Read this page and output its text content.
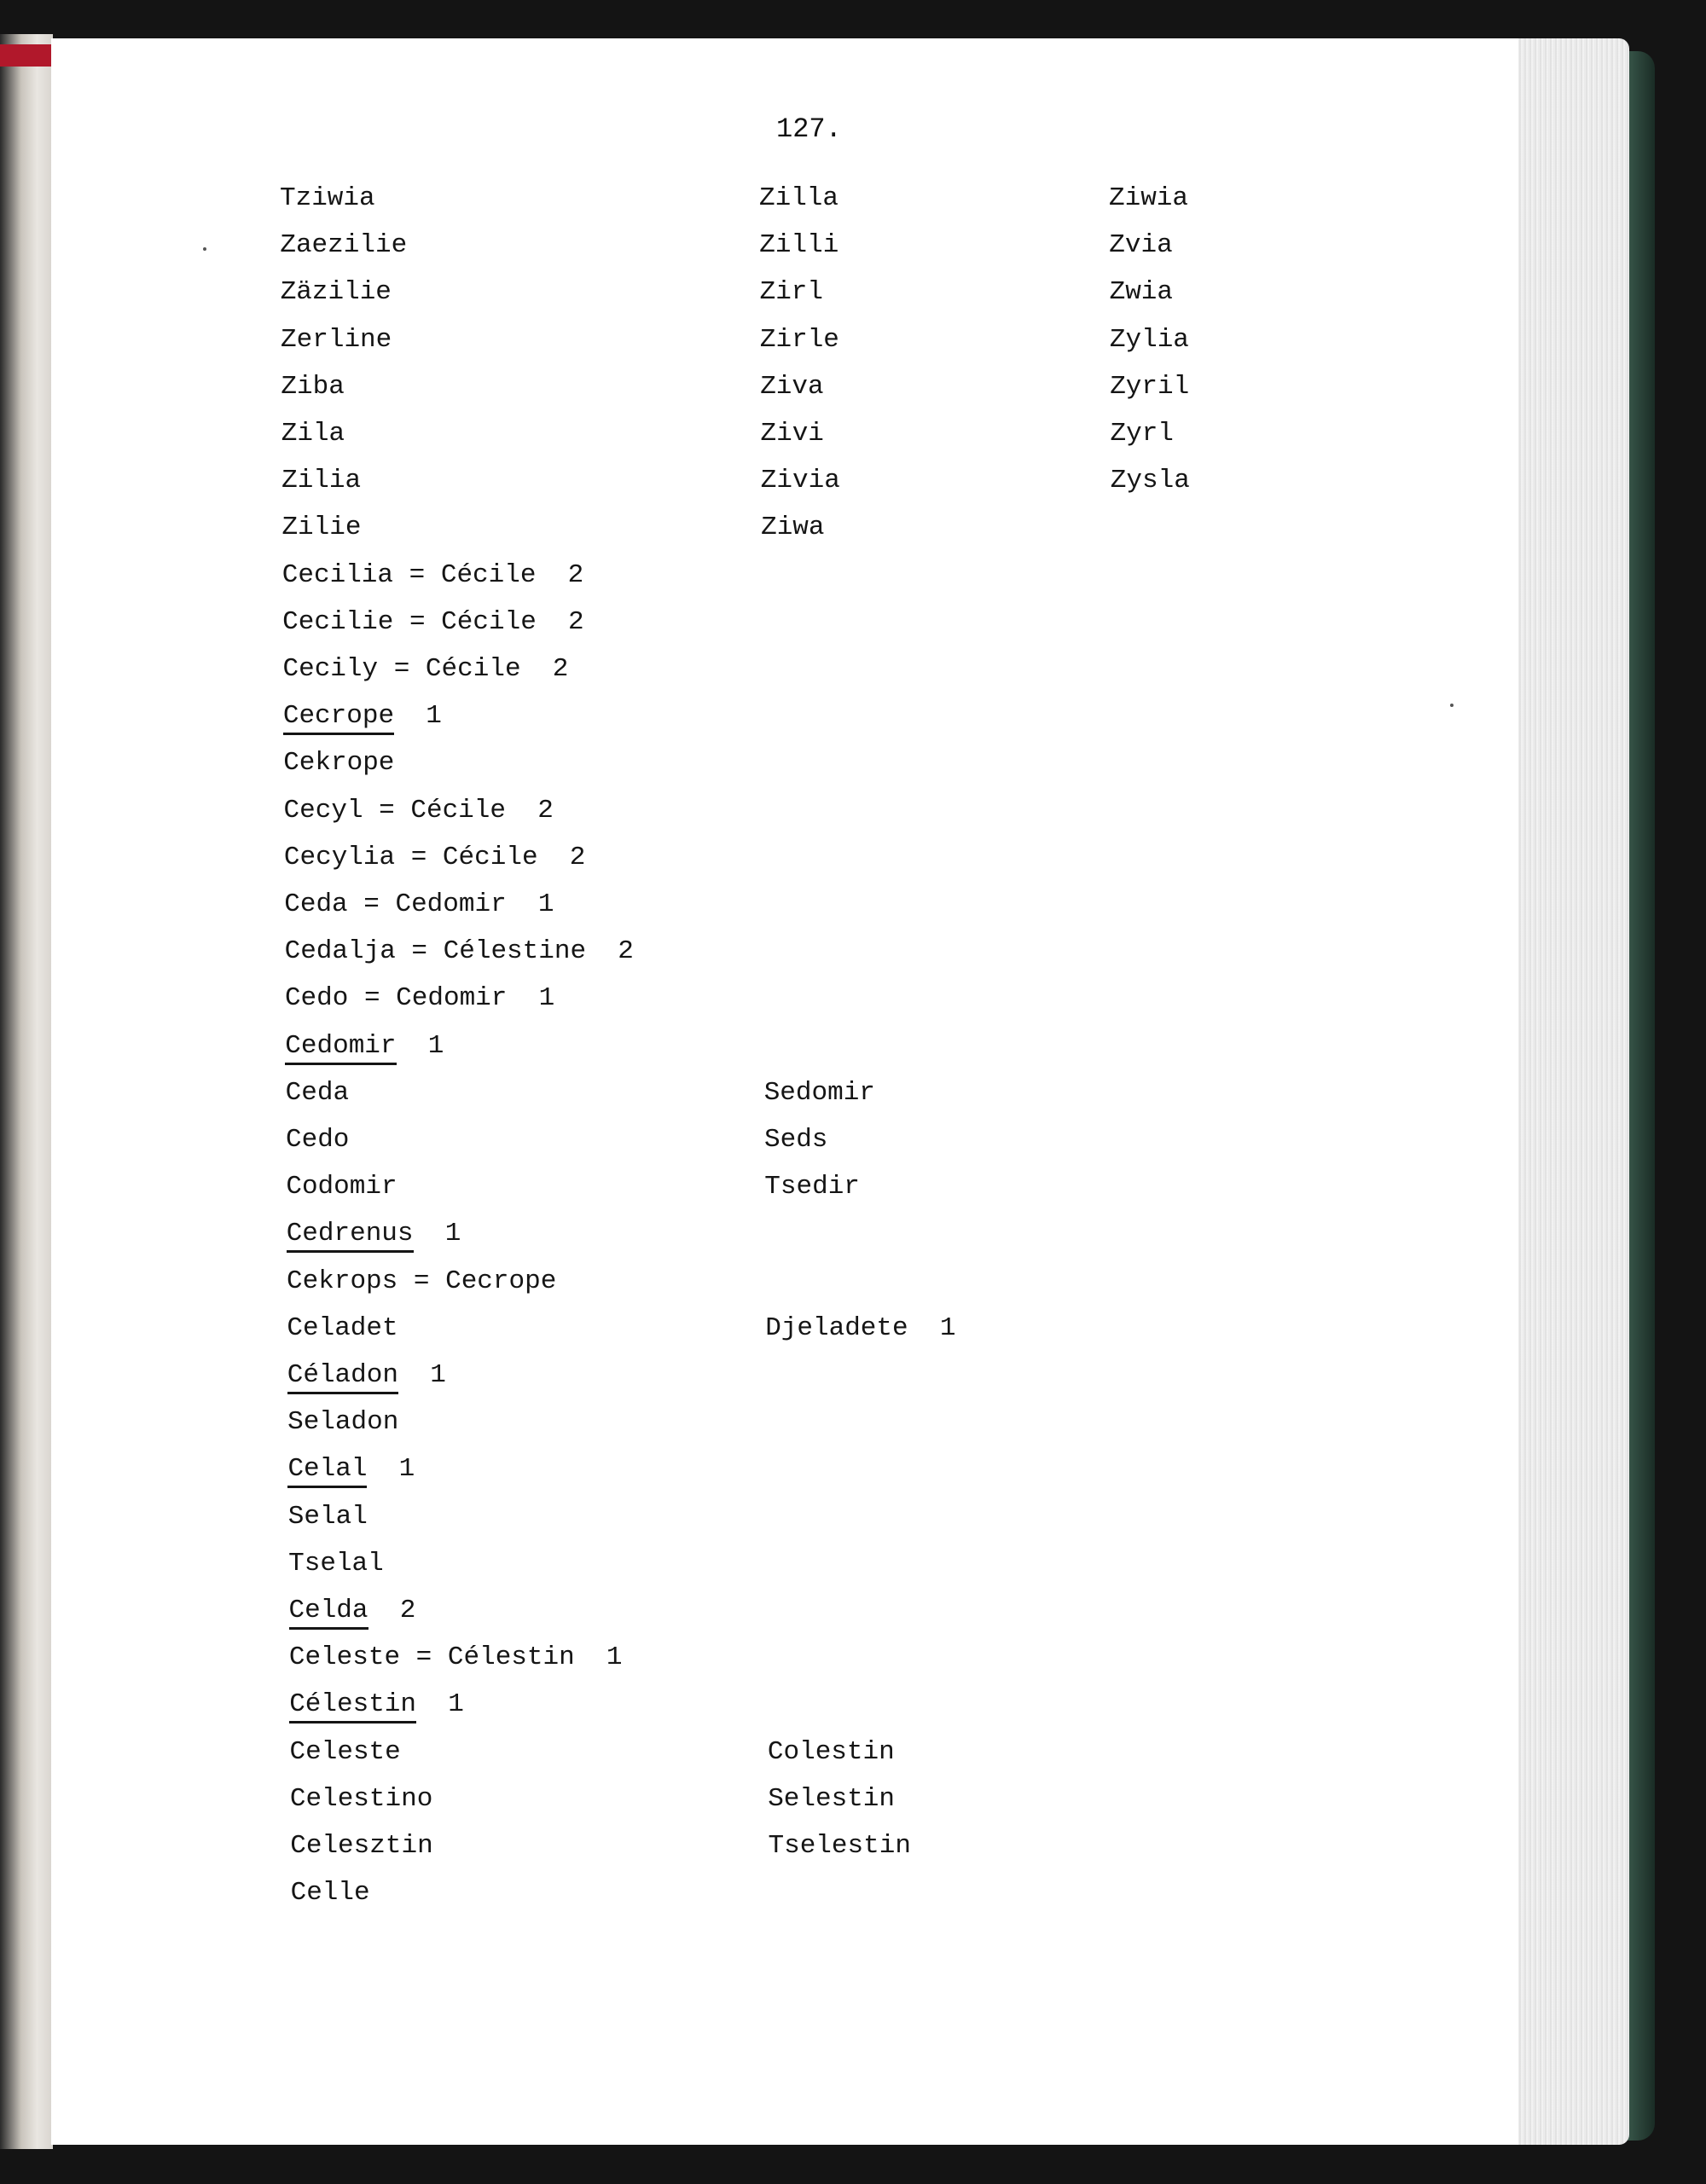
127.
Tziwia
Zaezilie
Zäzilie
Zerline
Ziba
Zila
Zilia
Zilie
Cecilia = Cécile  2
Cecilie = Cécile  2
Cecily = Cécile  2
Cecrope  1
Cekrope
Cecyl = Cécile  2
Cecylia = Cécile  2
Ceda = Cedomir  1
Cedalja = Célestine  2
Cedo = Cedomir  1
Cedomir  1
Ceda
Cedo
Codomir
Cedrenus  1
Cekrops = Cecrope
Celadet
Céladon  1
Seladon
Celal  1
Selal
Tselal
Celda  2
Celeste = Célestin  1
Célestin  1
Celeste
Celestino
Celesztin
Celle
Zilla
Zilli
Zirl
Zirle
Ziva
Zivi
Zivia
Ziwa
Sedomir
Seds
Tsedir
Djeladete  1
Colestin
Selestin
Tselestin
Ziwia
Zvia
Zwia
Zylia
Zyril
Zyrl
Zysla
